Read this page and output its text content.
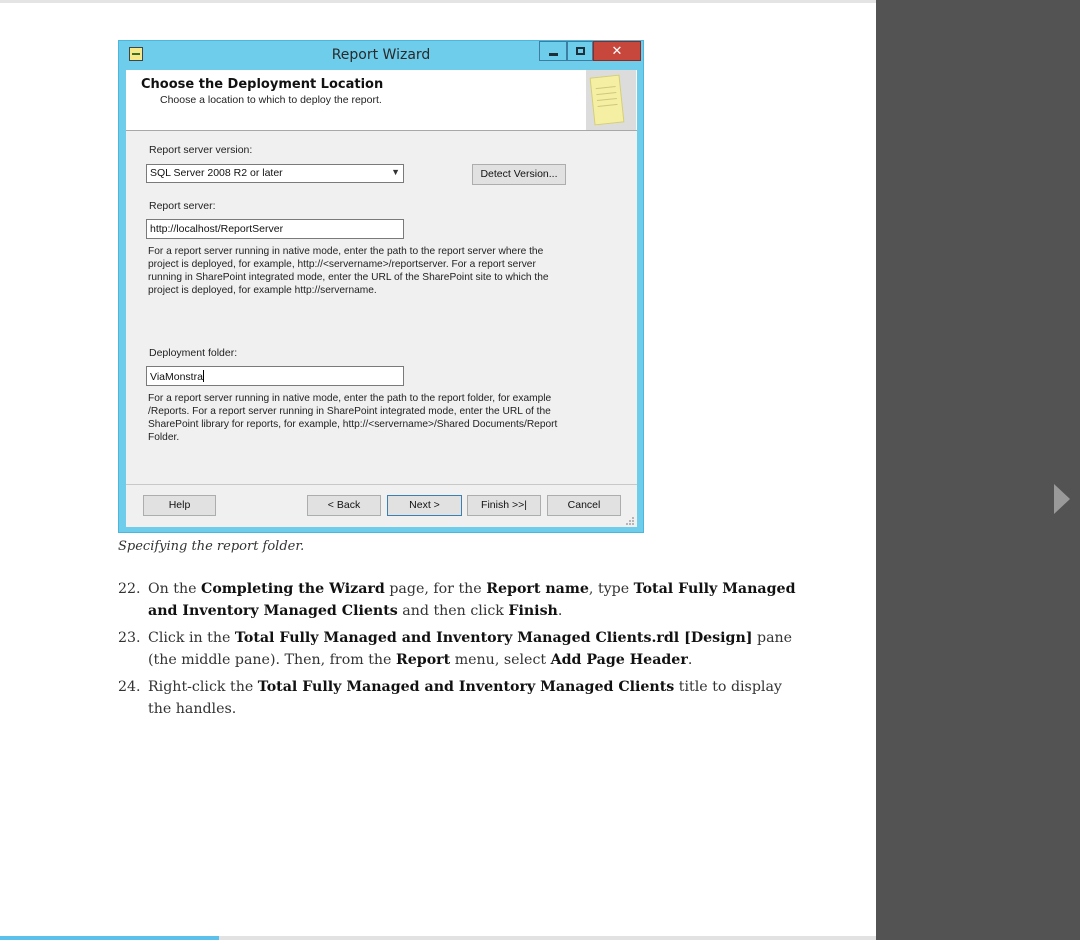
Report Wizard	✕
Choose the Deployment Location
Choose a location to which to deploy the report.
Report server version:
SQL Server 2008 R2 or later	▼	Detect Version...
Report server:
http://localhost/ReportServer
For a report server running in native mode, enter the path to the report server where the project is deployed, for example, http://<servername>/reportserver. For a report server running in SharePoint integrated mode, enter the URL of the SharePoint site to which the project is deployed, for example http://servername.
Deployment folder:
ViaMonstra
For a report server running in native mode, enter the path to the report folder, for example /Reports. For a report server running in SharePoint integrated mode, enter the URL of the SharePoint library for reports, for example, http://<servername>/Shared Documents/Report Folder.
Help	< Back	Next >	Finish >>|	Cancel
Specifying the report folder.
22. On the Completing the Wizard page, for the Report name, type Total Fully Managed and Inventory Managed Clients and then click Finish.
23. Click in the Total Fully Managed and Inventory Managed Clients.rdl [Design] pane (the middle pane). Then, from the Report menu, select Add Page Header.
24. Right-click the Total Fully Managed and Inventory Managed Clients title to display the handles.
